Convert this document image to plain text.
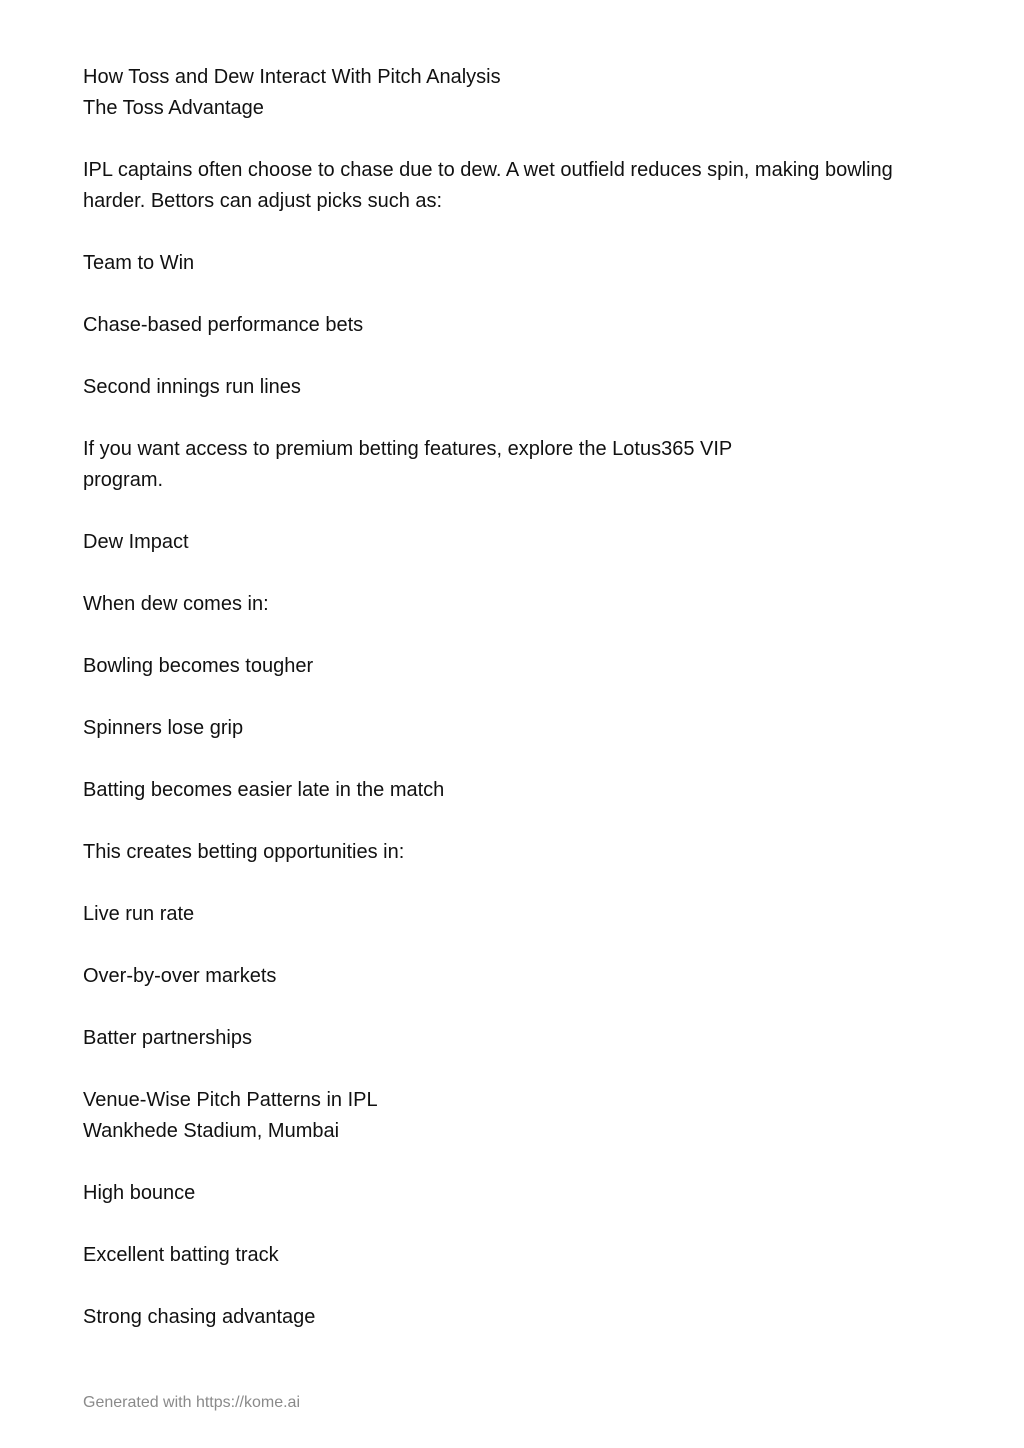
How Toss and Dew Interact With Pitch Analysis
The Toss Advantage
IPL captains often choose to chase due to dew. A wet outfield reduces spin, making bowling
harder. Bettors can adjust picks such as:
Team to Win
Chase-based performance bets
Second innings run lines
If you want access to premium betting features, explore the Lotus365 VIP
program.
Dew Impact
When dew comes in:
Bowling becomes tougher
Spinners lose grip
Batting becomes easier late in the match
This creates betting opportunities in:
Live run rate
Over-by-over markets
Batter partnerships
Venue-Wise Pitch Patterns in IPL
Wankhede Stadium, Mumbai
High bounce
Excellent batting track
Strong chasing advantage
Generated with https://kome.ai
